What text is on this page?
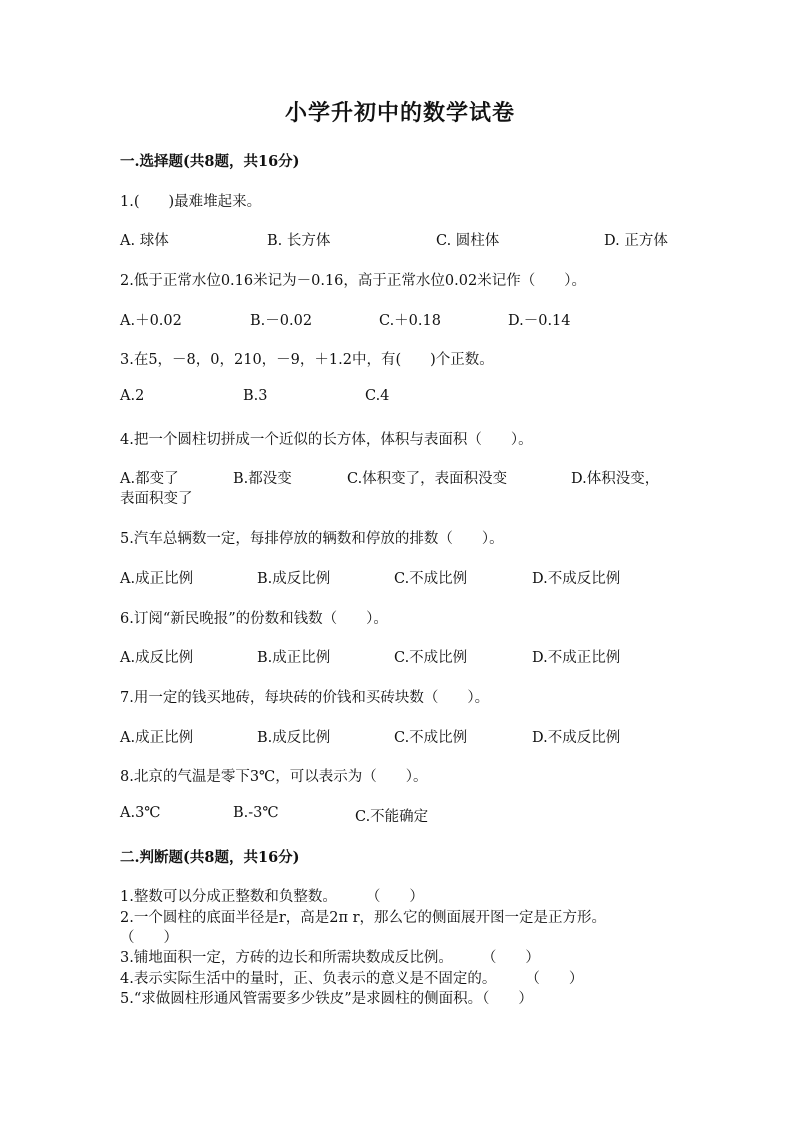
小学升初中的数学试卷
一.选择题(共8题，共16分)
1.(　　)最难堆起来。
A. 球体	B. 长方体	C. 圆柱体	D. 正方体
2.低于正常水位0.16米记为－0.16，高于正常水位0.02米记作（　　）。
A.＋0.02	B.－0.02	C.＋0.18	D.－0.14
3.在5，－8，0，210，－9，＋1.2中，有(　　)个正数。
A.2	B.3	C.4
4.把一个圆柱切拼成一个近似的长方体，体积与表面积（　　）。
A.都变了	B.都没变	C.体积变了，表面积没变	D.体积没变，
表面积变了
5.汽车总辆数一定，每排停放的辆数和停放的排数（　　）。
A.成正比例	B.成反比例	C.不成比例	D.不成反比例
6.订阅“新民晚报”的份数和钱数（　　）。
A.成反比例	B.成正比例	C.不成比例	D.不成正比例
7.用一定的钱买地砖，每块砖的价钱和买砖块数（　　）。
A.成正比例	B.成反比例	C.不成比例	D.不成反比例
8.北京的气温是零下3℃，可以表示为（　　）。
A.3℃	B.-3℃	C.不能确定
二.判断题(共8题，共16分)
1.整数可以分成正整数和负整数。　　　（　　）
2.一个圆柱的底面半径是r，高是2π r，那么它的侧面展开图一定是正方形。
（　　）
3.铺地面积一定，方砖的边长和所需块数成反比例。　　　（　　）
4.表示实际生活中的量时，正、负表示的意义是不固定的。　　　（　　）
5.“求做圆柱形通风管需要多少铁皮”是求圆柱的侧面积。（　　）
